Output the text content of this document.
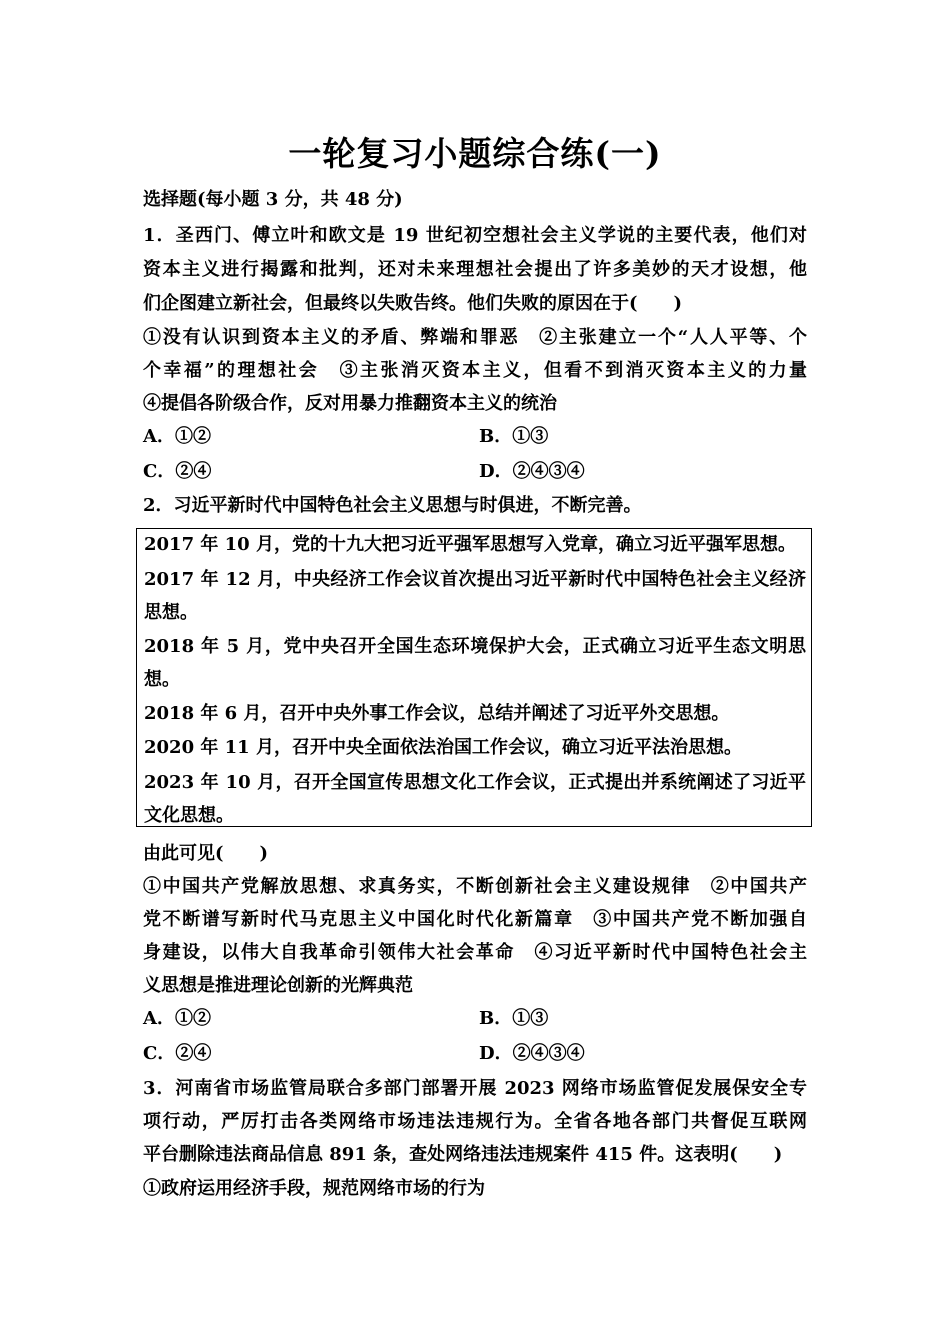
一轮复习小题综合练(一)
选择题(每小题 3 分，共 48 分)
1．圣西门、傅立叶和欧文是 19 世纪初空想社会主义学说的主要代表，他们对
资本主义进行揭露和批判，还对未来理想社会提出了许多美妙的天才设想，他
们企图建立新社会，但最终以失败告终。他们失败的原因在于(　　)
①没有认识到资本主义的矛盾、弊端和罪恶　②主张建立一个“人人平等、个
个幸福”的理想社会　③主张消灭资本主义，但看不到消灭资本主义的力量
④提倡各阶级合作，反对用暴力推翻资本主义的统治
A．①②	B．①③
C．②④	D．②④③④
2．习近平新时代中国特色社会主义思想与时俱进，不断完善。
2017 年 10 月，党的十九大把习近平强军思想写入党章，确立习近平强军思想。
2017 年 12 月，中央经济工作会议首次提出习近平新时代中国特色社会主义经济
思想。
2018 年 5 月，党中央召开全国生态环境保护大会，正式确立习近平生态文明思
想。
2018 年 6 月，召开中央外事工作会议，总结并阐述了习近平外交思想。
2020 年 11 月，召开中央全面依法治国工作会议，确立习近平法治思想。
2023 年 10 月，召开全国宣传思想文化工作会议，正式提出并系统阐述了习近平
文化思想。
由此可见(　　)
①中国共产党解放思想、求真务实，不断创新社会主义建设规律　②中国共产
党不断谱写新时代马克思主义中国化时代化新篇章　③中国共产党不断加强自
身建设，以伟大自我革命引领伟大社会革命　④习近平新时代中国特色社会主
义思想是推进理论创新的光辉典范
A．①②	B．①③
C．②④	D．②④③④
3．河南省市场监管局联合多部门部署开展 2023 网络市场监管促发展保安全专
项行动，严厉打击各类网络市场违法违规行为。全省各地各部门共督促互联网
平台删除违法商品信息 891 条，查处网络违法违规案件 415 件。这表明(　　)
①政府运用经济手段，规范网络市场的行为
